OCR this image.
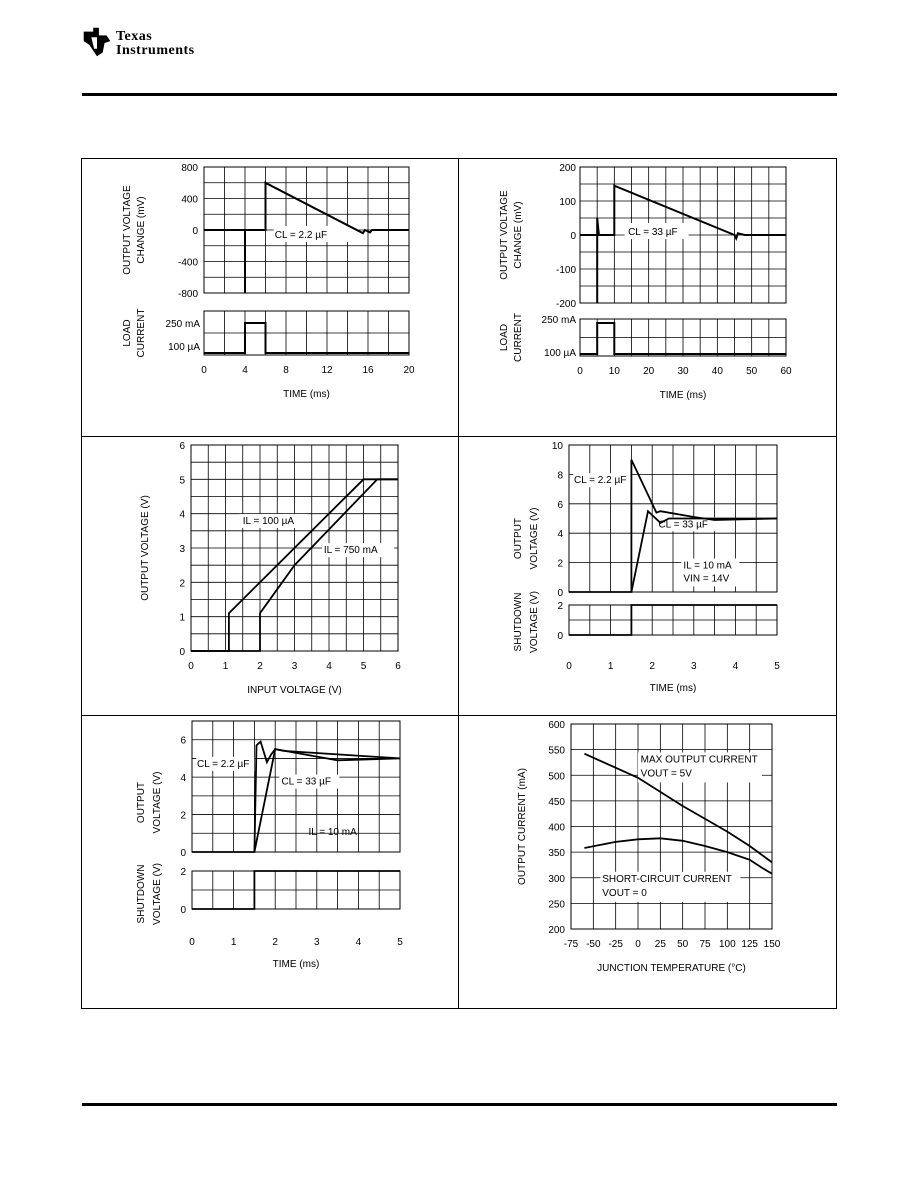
Texas
Instruments
800
400
0
-400
-800
0	4	8	12	16	20
250 mA
100 µA
TIME (ms)
OUTPUT VOLTAGE CHANGE (mV)
LOAD CURRENT
CL = 2.2 µF
200
100
0
-100
-200
0	10 20 30 40 50 60
250 mA
100 µA
TIME (ms)
OUTPUT VOLTAGE CHANGE (mV)
LOAD CURRENT
CL = 33 µF
6
5
4
3
2
1
0
0	1	2	3	4	5	6
INPUT VOLTAGE (V)
OUTPUT VOLTAGE (V)	IL = 100 µA
IL = 750 mA
10
8
6
4
2
0
2
0
0	1	2	3	4	5
TIME (ms)
OUTPUT VOLTAGE (V)
SHUTDOWN VOLTAGE (V)
CL = 2.2 µF
CL = 33 µF
IL = 10 mA
VIN = 14V
6
4
2
0
2
0
0	1	2	3	4	5
TIME (ms)
OUTPUT VOLTAGE (V)
SHUTDOWN VOLTAGE (V)
CL = 2.2 µF
CL = 33 µF
IL = 10 mA
600
550
500
450
400
350
300
250
200
-75 -50 -25 0 25 50 75 100 125 150
JUNCTION TEMPERATURE (°C)
OUTPUT CURRENT (mA)
MAX OUTPUT CURRENT
VOUT = 5V
SHORT-CIRCUIT CURRENT
VOUT = 0
